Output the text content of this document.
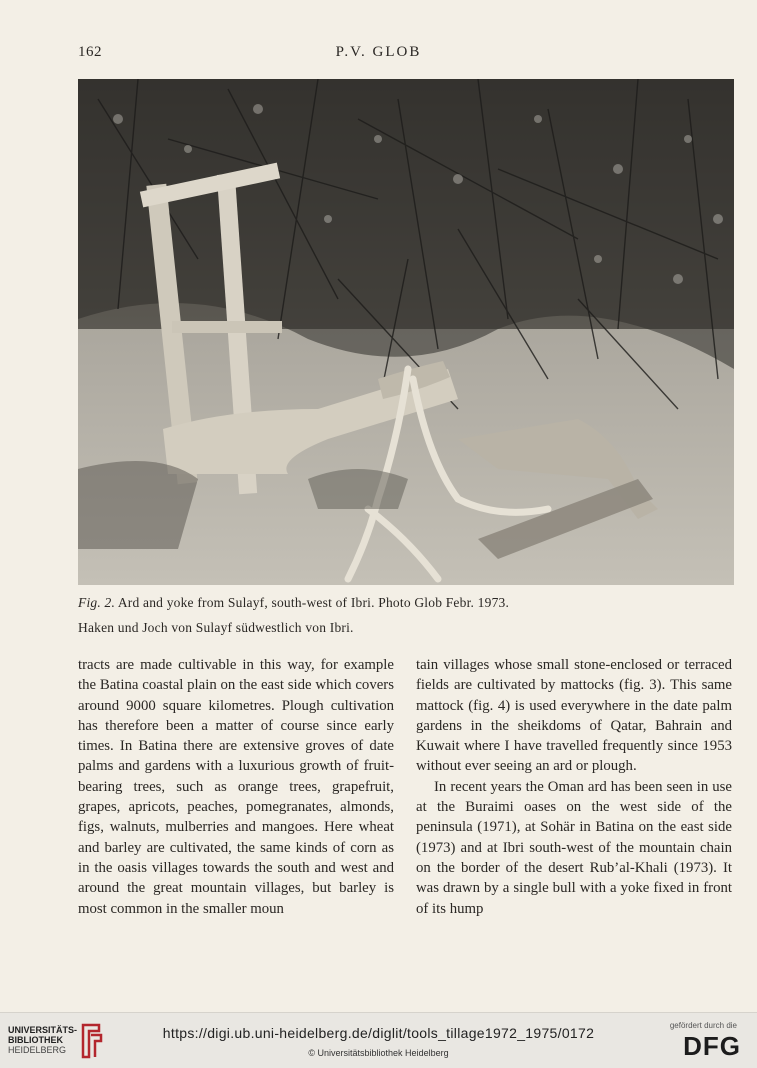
162	P.V. GLOB
Fig. 2. Ard and yoke from Sulayf, south-west of Ibri. Photo Glob Febr. 1973.
Haken und Joch von Sulayf südwestlich von Ibri.

tracts are made cultivable in this way, for example the Batina coastal plain on the east side which covers around 9000 square kilometres. Plough cultivation has therefore been a matter of course since early times. In Batina there are extensive groves of date palms and gardens with a luxurious growth of fruit-bearing trees, such as orange trees, grapefruit, grapes, apricots, peaches, pomegranates, almonds, figs, walnuts, mulberries and mangoes. Here wheat and barley are cultivated, the same kinds of corn as in the oasis villages towards the south and west and around the great mountain villages, but barley is most common in the smaller moun

tain villages whose small stone-enclosed or terraced fields are cultivated by mattocks (fig. 3). This same mattock (fig. 4) is used everywhere in the date palm gardens in the sheikdoms of Qatar, Bahrain and Kuwait where I have travelled frequently since 1953 without ever seeing an ard or plough.

In recent years the Oman ard has been seen in use at the Buraimi oases on the west side of the peninsula (1971), at Sohär in Batina on the east side (1973) and at Ibri south-west of the mountain chain on the border of the desert Rub’al-Khali (1973). It was drawn by a single bull with a yoke fixed in front of its hump

UNIVERSITÄTS-
BIBLIOTHEK
HEIDELBERG
https://digi.ub.uni-heidelberg.de/diglit/tools_tillage1972_1975/0172
© Universitätsbibliothek Heidelberg
gefördert durch die
DFG
